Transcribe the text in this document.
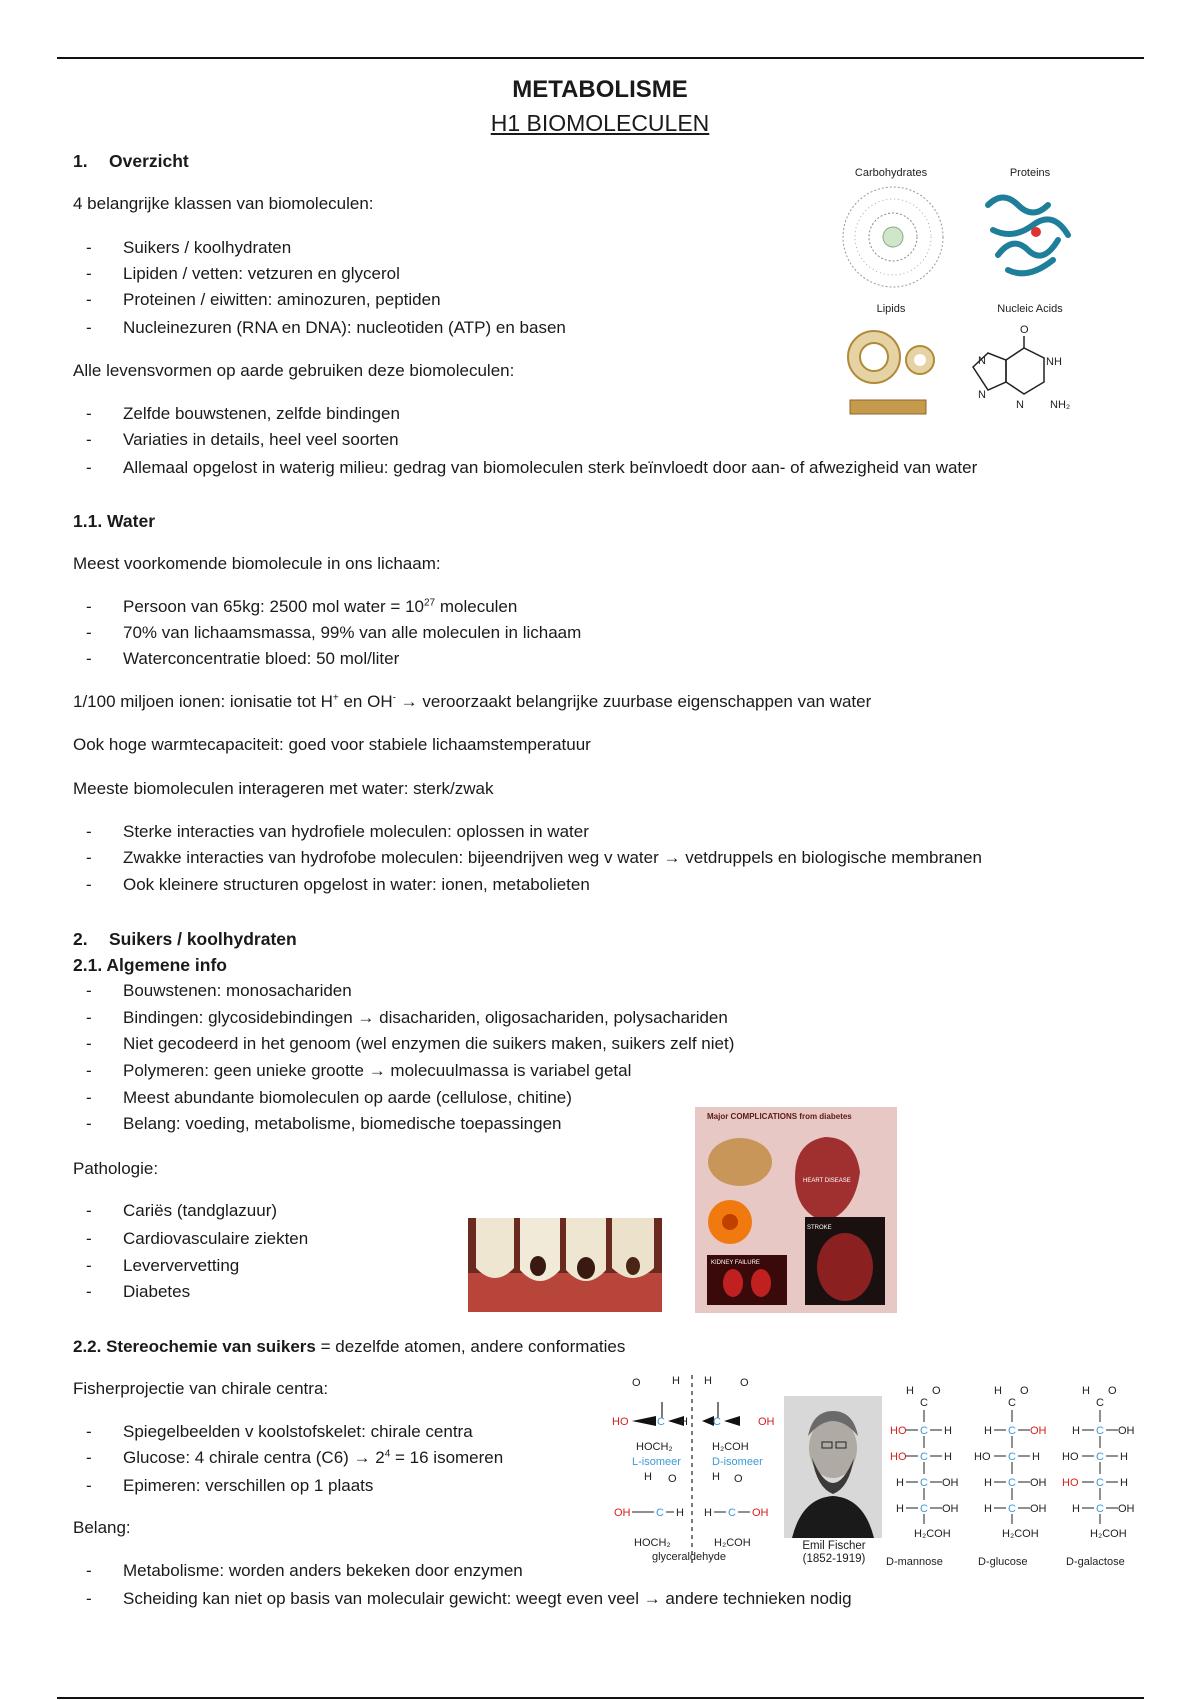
METABOLISME
H1 BIOMOLECULEN
1. Overzicht
4 belangrijke klassen van biomoleculen:
- Suikers / koolhydraten
- Lipiden / vetten: vetzuren en glycerol
- Proteinen / eiwitten: aminozuren, peptiden
- Nucleinezuren (RNA en DNA): nucleotiden (ATP) en basen
Alle levensvormen op aarde gebruiken deze biomoleculen:
- Zelfde bouwstenen, zelfde bindingen
- Variaties in details, heel veel soorten
- Allemaal opgelost in waterig milieu: gedrag van biomoleculen sterk beïnvloedt door aan- of afwezigheid van water
Carbohydrates	Proteins
Lipids	Nucleic Acids
O
NH
NH₂
N
N
N
1.1. Water
Meest voorkomende biomolecule in ons lichaam:
- Persoon van 65kg: 2500 mol water = $10^{27}$ moleculen
- 70% van lichaamsmassa, 99% van alle moleculen in lichaam
- Waterconcentratie bloed: 50 mol/liter
1/100 miljoen ionen: ionisatie tot H+ en OH- → veroorzaakt belangrijke zuurbase eigenschappen van water
Ook hoge warmtecapaciteit: goed voor stabiele lichaamstemperatuur
Meeste biomoleculen interageren met water: sterk/zwak
- Sterke interacties van hydrofiele moleculen: oplossen in water
- Zwakke interacties van hydrofobe moleculen: bijeendrijven weg v water → vetdruppels en biologische membranen
- Ook kleinere structuren opgelost in water: ionen, metabolieten
2. Suikers / koolhydraten
2.1. Algemene info
- Bouwstenen: monosachariden
- Bindingen: glycosidebindingen → disachariden, oligosachariden, polysachariden
- Niet gecodeerd in het genoom (wel enzymen die suikers maken, suikers zelf niet)
- Polymeren: geen unieke grootte → molecuulmassa is variabel getal
- Meest abundante biomoleculen op aarde (cellulose, chitine)
- Belang: voeding, metabolisme, biomedische toepassingen
Pathologie:
- Cariës (tandglazuur)
- Cardiovasculaire ziekten
- Leververvetting
- Diabetes
Major COMPLICATIONS from diabetes
HEART DISEASE
STROKE
KIDNEY FAILURE
2.2. Stereochemie van suikers = dezelfde atomen, andere conformaties
Fisherprojectie van chirale centra:
- Spiegelbeelden v koolstofskelet: chirale centra
- Glucose: 4 chirale centra $(C6) \to 2^4 = 16$ isomeren
- Epimeren: verschillen op 1 plaats
Belang:
- Metabolisme: worden anders bekeken door enzymen
- Scheiding kan niet op basis van moleculair gewicht: weegt even veel → andere technieken nodig
O	H H	O
HO	C H C	OH
HOCH₂	H₂COH
L-isomeer	D-isomeer
H O	H O
OH C H H C OH
HOCH₂	H₂COH
glyceraldehyde
Emil Fischer
(1852-1919)
H O
C
HO C H
HO C H
H C OH
H C OH
H₂COH
D-mannose
H O
C
H C OH
HO C H
H C OH
H C OH
H₂COH
D-glucose
H O
C
H C OH
HO C H
HO C H
H C OH
H₂COH
D-galactose
